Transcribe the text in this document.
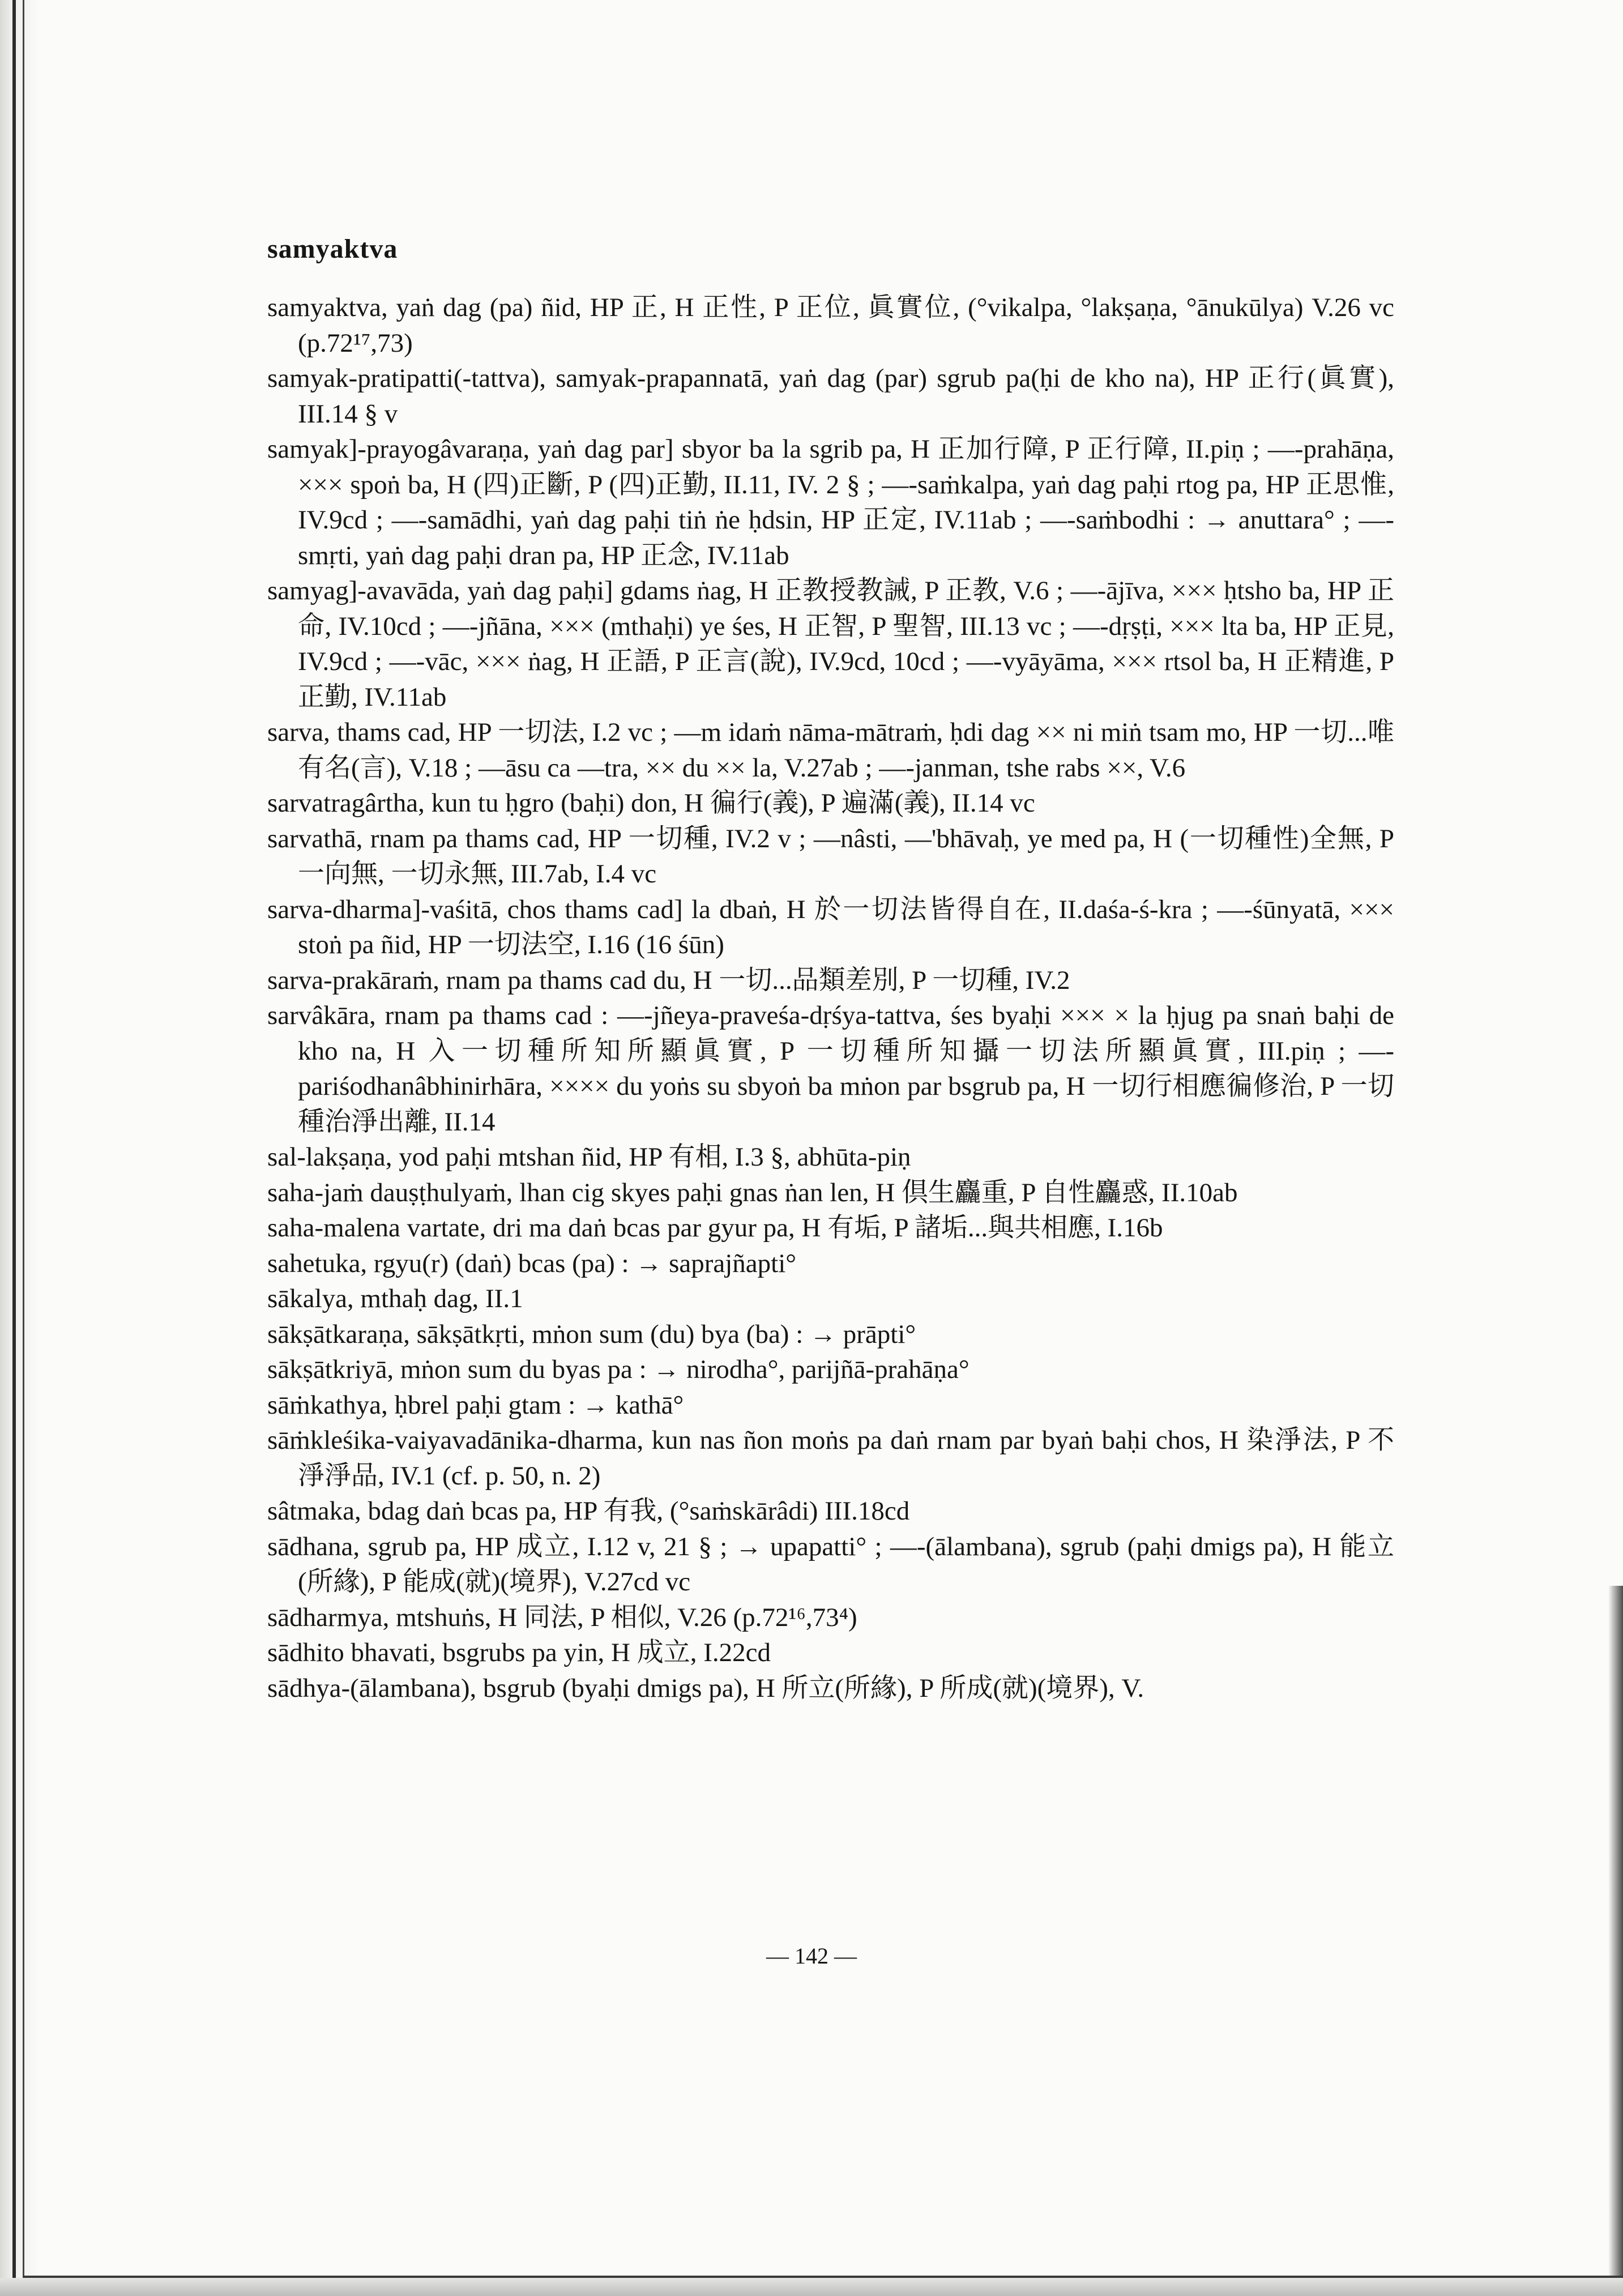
samyaktva
samyaktva, yaṅ dag (pa) ñid, HP 正, H 正性, P 正位, 眞實位, (°vikalpa, °lakṣaṇa, °ānukūlya) V.26 vc (p.72¹⁷,73)
samyak-pratipatti(-tattva), samyak-prapannatā, yaṅ dag (par) sgrub pa(ḥi de kho na), HP 正行(眞實), III.14 § v
samyak]-prayogâvaraṇa, yaṅ dag par] sbyor ba la sgrib pa, H 正加行障, P 正行障, II.piṇ ; —-prahāṇa, ××× spoṅ ba, H (四)正斷, P (四)正勤, II.11, IV. 2 § ; —-saṁkalpa, yaṅ dag paḥi rtog pa, HP 正思惟, IV.9cd ; —-samādhi, yaṅ dag paḥi tiṅ ṅe ḥdsin, HP 正定, IV.11ab ; —-saṁbodhi : → anuttara° ; —-smṛti, yaṅ dag paḥi dran pa, HP 正念, IV.11ab
samyag]-avavāda, yaṅ dag paḥi] gdams ṅag, H 正教授教誡, P 正教, V.6 ; —-ājīva, ××× ḥtsho ba, HP 正命, IV.10cd ; —-jñāna, ××× (mthaḥi) ye śes, H 正智, P 聖智, III.13 vc ; —-dṛṣṭi, ××× lta ba, HP 正見, IV.9cd ; —-vāc, ××× ṅag, H 正語, P 正言(說), IV.9cd, 10cd ; —-vyāyāma, ××× rtsol ba, H 正精進, P 正勤, IV.11ab
sarva, thams cad, HP 一切法, I.2 vc ; —m idaṁ nāma-mātraṁ, ḥdi dag ×× ni miṅ tsam mo, HP 一切...唯有名(言), V.18 ; —āsu ca —tra, ×× du ×× la, V.27ab ; —-janman, tshe rabs ××, V.6
sarvatragârtha, kun tu ḥgro (baḥi) don, H 徧行(義), P 遍滿(義), II.14 vc
sarvathā, rnam pa thams cad, HP 一切種, IV.2 v ; —nâsti, —'bhāvaḥ, ye med pa, H (一切種性)全無, P 一向無, 一切永無, III.7ab, I.4 vc
sarva-dharma]-vaśitā, chos thams cad] la dbaṅ, H 於一切法皆得自在, II.daśa-ś-kra ; —-śūnyatā, ××× stoṅ pa ñid, HP 一切法空, I.16 (16 śūn)
sarva-prakāraṁ, rnam pa thams cad du, H 一切...品類差別, P 一切種, IV.2
sarvâkāra, rnam pa thams cad : —-jñeya-praveśa-dṛśya-tattva, śes byaḥi ××× × la ḥjug pa snaṅ baḥi de kho na, H 入一切種所知所顯眞實, P 一切種所知攝一切法所顯眞實, III.piṇ ; —-pariśodhanâbhinirhāra, ×××× du yoṅs su sbyoṅ ba mṅon par bsgrub pa, H 一切行相應徧修治, P 一切種治淨出離, II.14
sal-lakṣaṇa, yod paḥi mtshan ñid, HP 有相, I.3 §, abhūta-piṇ
saha-jaṁ dauṣṭhulyaṁ, lhan cig skyes paḥi gnas ṅan len, H 倶生麤重, P 自性麤惑, II.10ab
saha-malena vartate, dri ma daṅ bcas par gyur pa, H 有垢, P 諸垢...與共相應, I.16b
sahetuka, rgyu(r) (daṅ) bcas (pa) : → saprajñapti°
sākalya, mthaḥ dag, II.1
sākṣātkaraṇa, sākṣātkṛti, mṅon sum (du) bya (ba) : → prāpti°
sākṣātkriyā, mṅon sum du byas pa : → nirodha°, parijñā-prahāṇa°
sāṁkathya, ḥbrel paḥi gtam : → kathā°
sāṁkleśika-vaiyavadānika-dharma, kun nas ñon moṅs pa daṅ rnam par byaṅ baḥi chos, H 染淨法, P 不淨淨品, IV.1 (cf. p. 50, n. 2)
sâtmaka, bdag daṅ bcas pa, HP 有我, (°saṁskārâdi) III.18cd
sādhana, sgrub pa, HP 成立, I.12 v, 21 § ; → upapatti° ; —-(ālambana), sgrub (paḥi dmigs pa), H 能立(所緣), P 能成(就)(境界), V.27cd vc
sādharmya, mtshuṅs, H 同法, P 相似, V.26 (p.72¹⁶,73⁴)
sādhito bhavati, bsgrubs pa yin, H 成立, I.22cd
sādhya-(ālambana), bsgrub (byaḥi dmigs pa), H 所立(所緣), P 所成(就)(境界), V.
— 142 —
